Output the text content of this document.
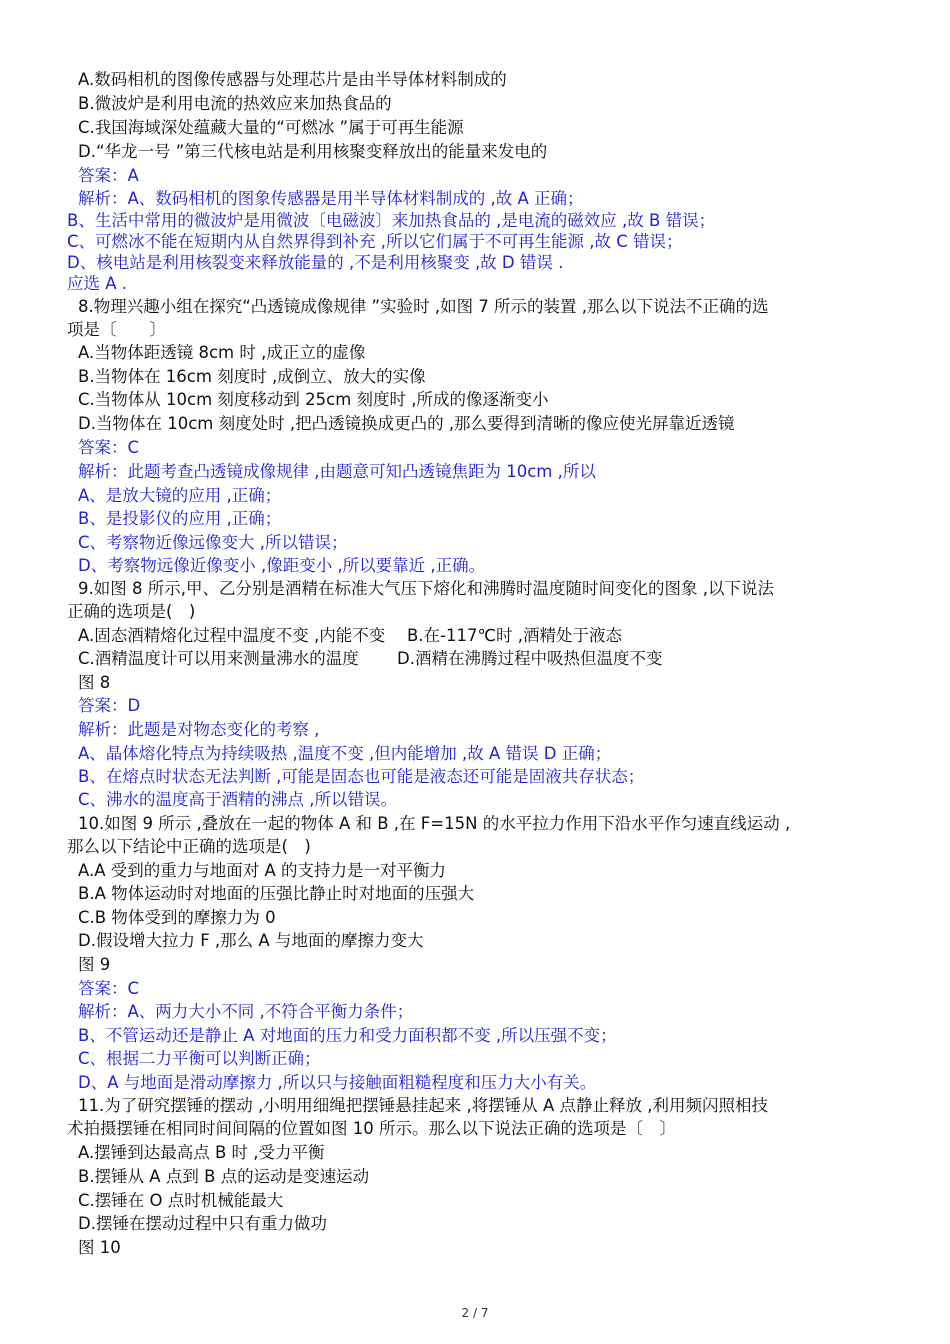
A.数码相机的图像传感器与处理芯片是由半导体材料制成的
B.微波炉是利用电流的热效应来加热食品的
C.我国海域深处蕴藏大量的“可燃冰 ”属于可再生能源
D.“华龙一号 ”第三代核电站是利用核聚变释放出的能量来发电的
答案：A
解析：A、数码相机的图象传感器是用半导体材料制成的 ,故 A 正确；
B、生活中常用的微波炉是用微波〔电磁波〕来加热食品的 ,是电流的磁效应 ,故 B 错误；
C、可燃冰不能在短期内从自然界得到补充 ,所以它们属于不可再生能源 ,故 C 错误；
D、核电站是利用核裂变来释放能量的 ,不是利用核聚变 ,故 D 错误 .
应选 A .
8.物理兴趣小组在探究“凸透镜成像规律 ”实验时 ,如图 7 所示的装置 ,那么以下说法不正确的选
项是〔　　〕
A.当物体距透镜 8cm 时 ,成正立的虚像
B.当物体在 16cm 刻度时 ,成倒立、放大的实像
C.当物体从 10cm 刻度移动到 25cm 刻度时 ,所成的像逐渐变小
D.当物体在 10cm 刻度处时 ,把凸透镜换成更凸的 ,那么要得到清晰的像应使光屏靠近透镜
答案：C
解析：此题考查凸透镜成像规律 ,由题意可知凸透镜焦距为 10cm ,所以
A、是放大镜的应用 ,正确；
B、是投影仪的应用 ,正确；
C、考察物近像远像变大 ,所以错误；
D、考察物远像近像变小 ,像距变小 ,所以要靠近 ,正确。
9.如图 8 所示,甲、乙分别是酒精在标准大气压下熔化和沸腾时温度随时间变化的图象 ,以下说法
正确的选项是(　)
A.固态酒精熔化过程中温度不变 ,内能不变　 B.在-117℃时 ,酒精处于液态
C.酒精温度计可以用来测量沸水的温度　　 D.酒精在沸腾过程中吸热但温度不变
图 8
答案：D
解析：此题是对物态变化的考察 ,
A、晶体熔化特点为持续吸热 ,温度不变 ,但内能增加 ,故 A 错误 D 正确；
B、在熔点时状态无法判断 ,可能是固态也可能是液态还可能是固液共存状态；
C、沸水的温度高于酒精的沸点 ,所以错误。
10.如图 9 所示 ,叠放在一起的物体 A 和 B ,在 F=15N 的水平拉力作用下沿水平作匀速直线运动 ,
那么以下结论中正确的选项是(　)
A.A 受到的重力与地面对 A 的支持力是一对平衡力
B.A 物体运动时对地面的压强比静止时对地面的压强大
C.B 物体受到的摩擦力为 0
D.假设增大拉力 F ,那么 A 与地面的摩擦力变大
图 9
答案：C
解析：A、两力大小不同 ,不符合平衡力条件；
B、不管运动还是静止 A 对地面的压力和受力面积都不变 ,所以压强不变；
C、根据二力平衡可以判断正确；
D、A 与地面是滑动摩擦力 ,所以只与接触面粗糙程度和压力大小有关。
11.为了研究摆锤的摆动 ,小明用细绳把摆锤悬挂起来 ,将摆锤从 A 点静止释放 ,利用频闪照相技
术拍摄摆锤在相同时间间隔的位置如图 10 所示。那么以下说法正确的选项是〔　〕
A.摆锤到达最高点 B 时 ,受力平衡
B.摆锤从 A 点到 B 点的运动是变速运动
C.摆锤在 O 点时机械能最大
D.摆锤在摆动过程中只有重力做功
图 10
2 / 7
